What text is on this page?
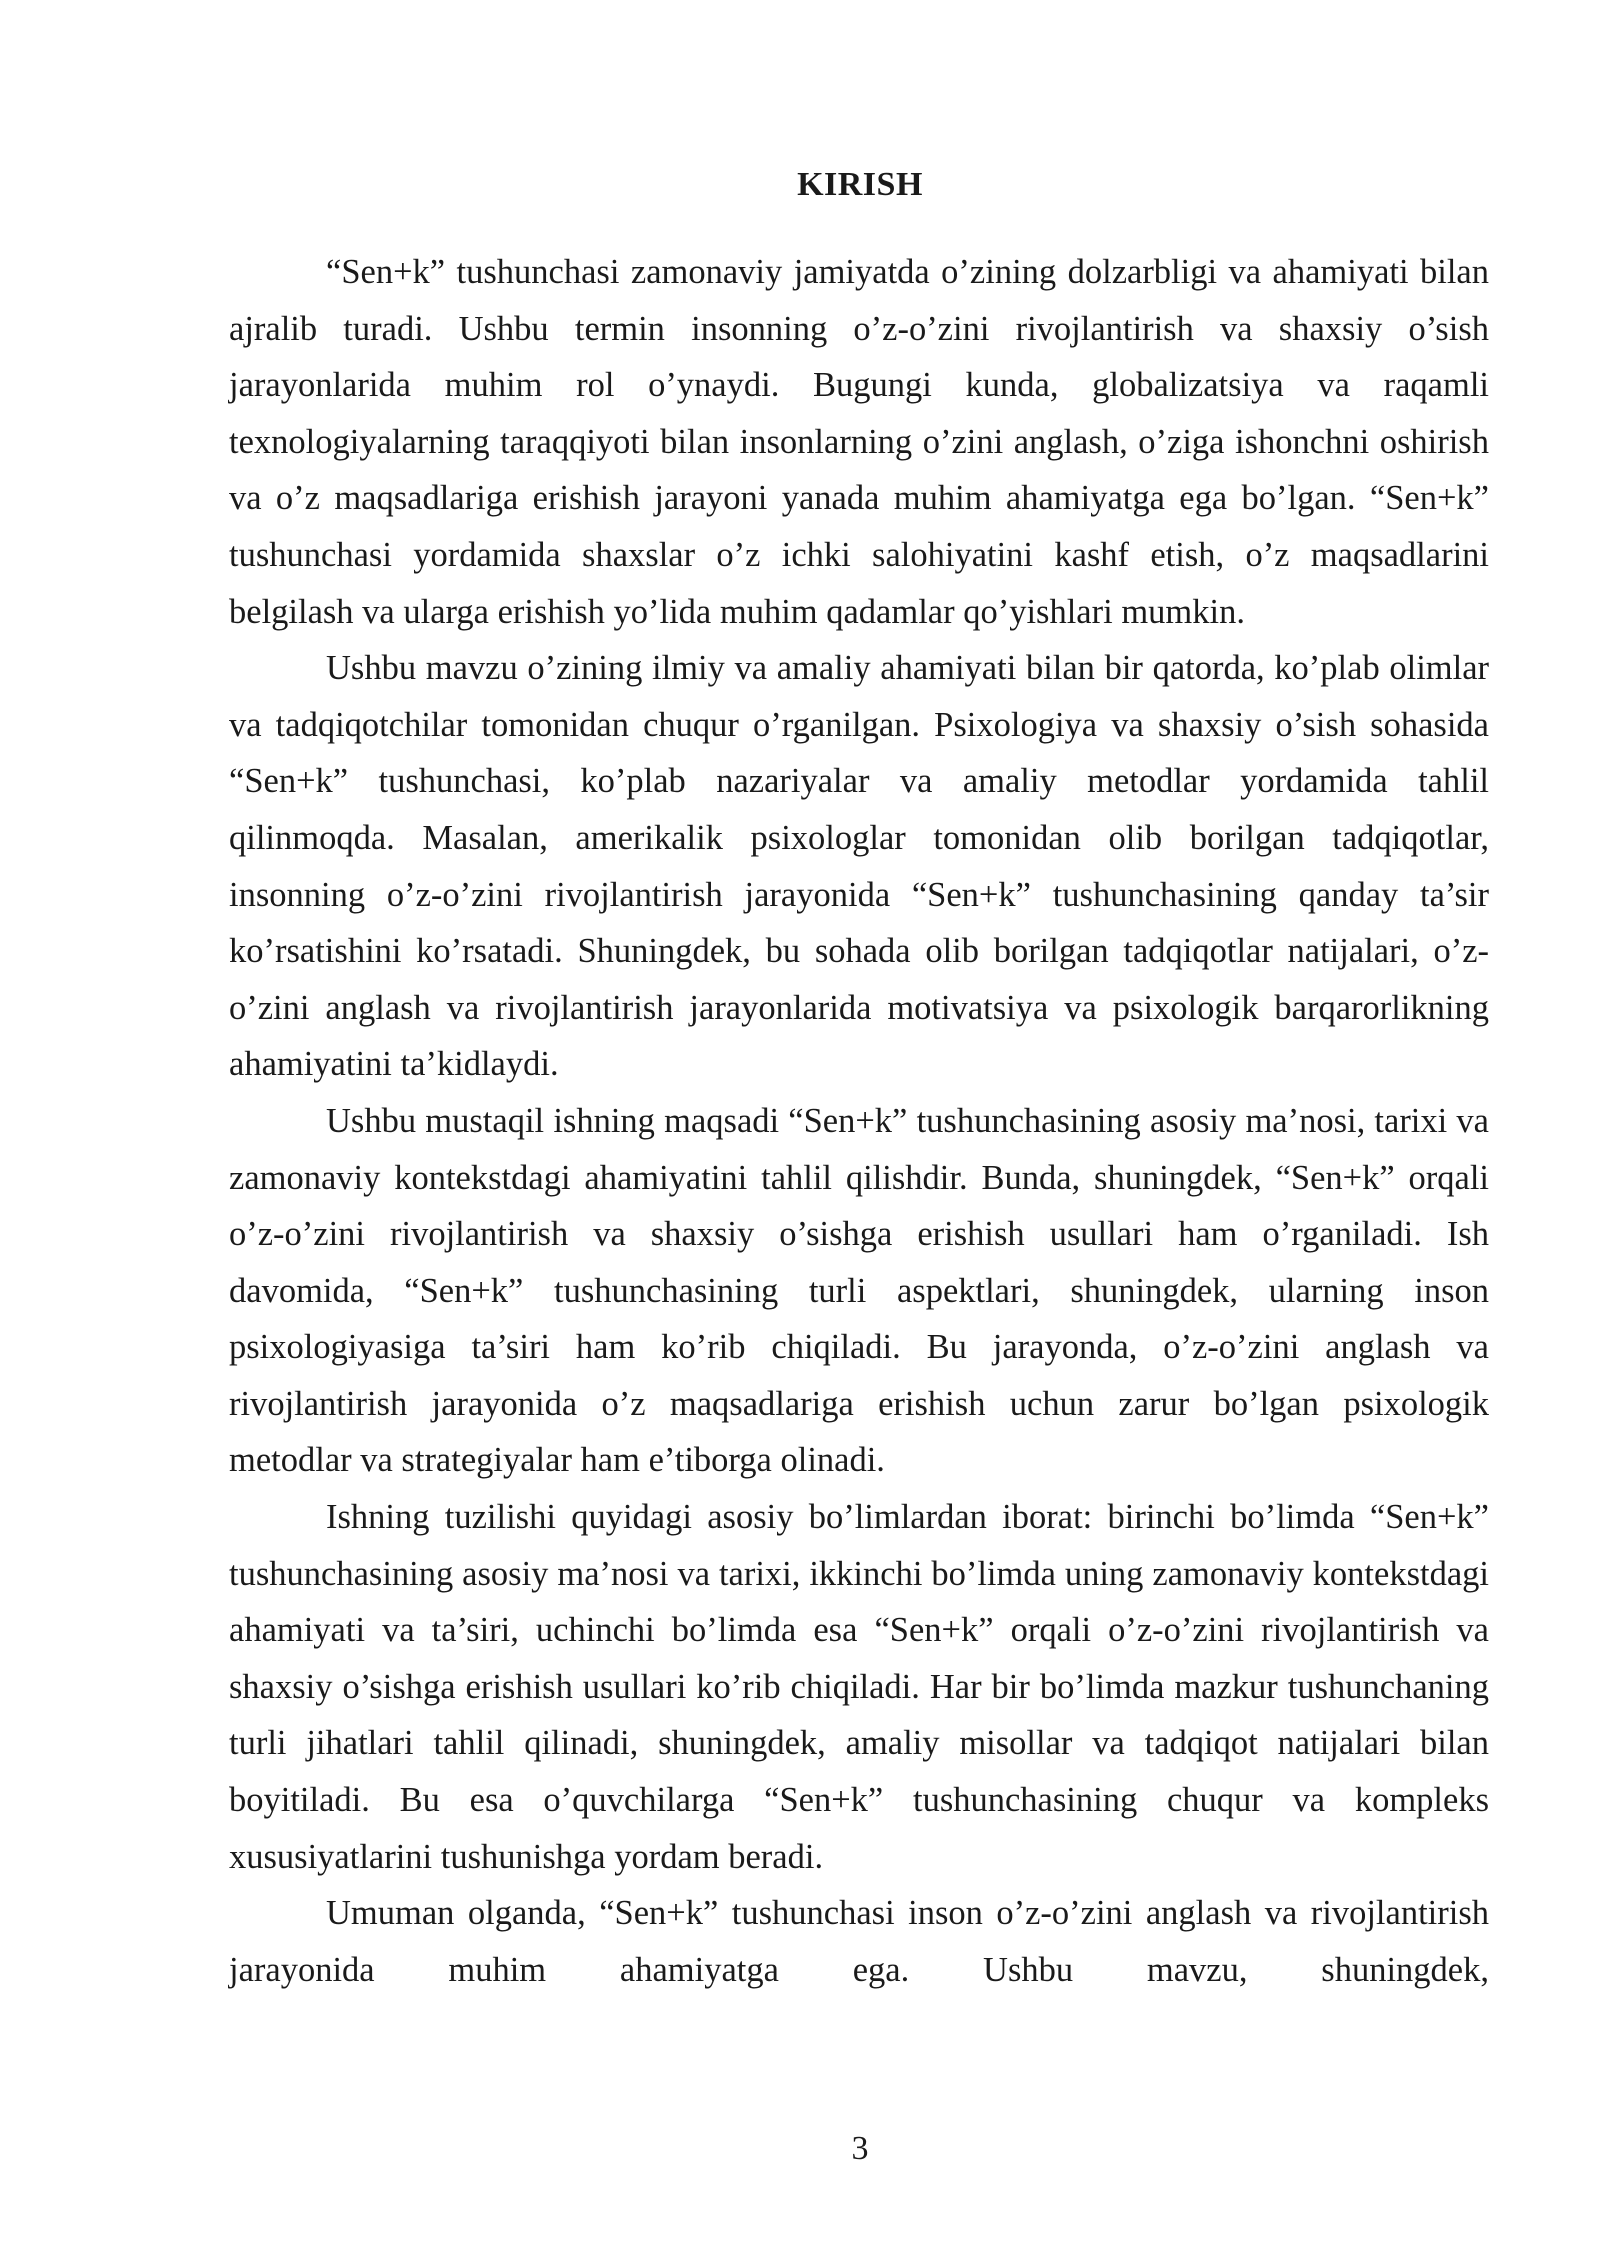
KIRISH

“Sen+k” tushunchasi zamonaviy jamiyatda o’zining dolzarbligi va ahamiyati bilan ajralib turadi. Ushbu termin insonning o’z-o’zini rivojlantirish va shaxsiy o’sish jarayonlarida muhim rol o’ynaydi. Bugungi kunda, globalizatsiya va raqamli texnologiyalarning taraqqiyoti bilan insonlarning o’zini anglash, o’ziga ishonchni oshirish va o’z maqsadlariga erishish jarayoni yanada muhim ahamiyatga ega bo’lgan. “Sen+k” tushunchasi yordamida shaxslar o’z ichki salohiyatini kashf etish, o’z maqsadlarini belgilash va ularga erishish yo’lida muhim qadamlar qo’yishlari mumkin.

Ushbu mavzu o’zining ilmiy va amaliy ahamiyati bilan bir qatorda, ko’plab olimlar va tadqiqotchilar tomonidan chuqur o’rganilgan. Psixologiya va shaxsiy o’sish sohasida “Sen+k” tushunchasi, ko’plab nazariyalar va amaliy metodlar yordamida tahlil qilinmoqda. Masalan, amerikalik psixologlar tomonidan olib borilgan tadqiqotlar, insonning o’z-o’zini rivojlantirish jarayonida “Sen+k” tushunchasining qanday ta’sir ko’rsatishini ko’rsatadi. Shuningdek, bu sohada olib borilgan tadqiqotlar natijalari, o’z-o’zini anglash va rivojlantirish jarayonlarida motivatsiya va psixologik barqarorlikning ahamiyatini ta’kidlaydi.

Ushbu mustaqil ishning maqsadi “Sen+k” tushunchasining asosiy ma’nosi, tarixi va zamonaviy kontekstdagi ahamiyatini tahlil qilishdir. Bunda, shuningdek, “Sen+k” orqali o’z-o’zini rivojlantirish va shaxsiy o’sishga erishish usullari ham o’rganiladi. Ish davomida, “Sen+k” tushunchasining turli aspektlari, shuningdek, ularning inson psixologiyasiga ta’siri ham ko’rib chiqiladi. Bu jarayonda, o’z-o’zini anglash va rivojlantirish jarayonida o’z maqsadlariga erishish uchun zarur bo’lgan psixologik metodlar va strategiyalar ham e’tiborga olinadi.

Ishning tuzilishi quyidagi asosiy bo’limlardan iborat: birinchi bo’limda “Sen+k” tushunchasining asosiy ma’nosi va tarixi, ikkinchi bo’limda uning zamonaviy kontekstdagi ahamiyati va ta’siri, uchinchi bo’limda esa “Sen+k” orqali o’z-o’zini rivojlantirish va shaxsiy o’sishga erishish usullari ko’rib chiqiladi. Har bir bo’limda mazkur tushunchaning turli jihatlari tahlil qilinadi, shuningdek, amaliy misollar va tadqiqot natijalari bilan boyitiladi. Bu esa o’quvchilarga “Sen+k” tushunchasining chuqur va kompleks xususiyatlarini tushunishga yordam beradi.

Umuman olganda, “Sen+k” tushunchasi inson o’z-o’zini anglash va rivojlantirish jarayonida muhim ahamiyatga ega. Ushbu mavzu, shuningdek,

3
